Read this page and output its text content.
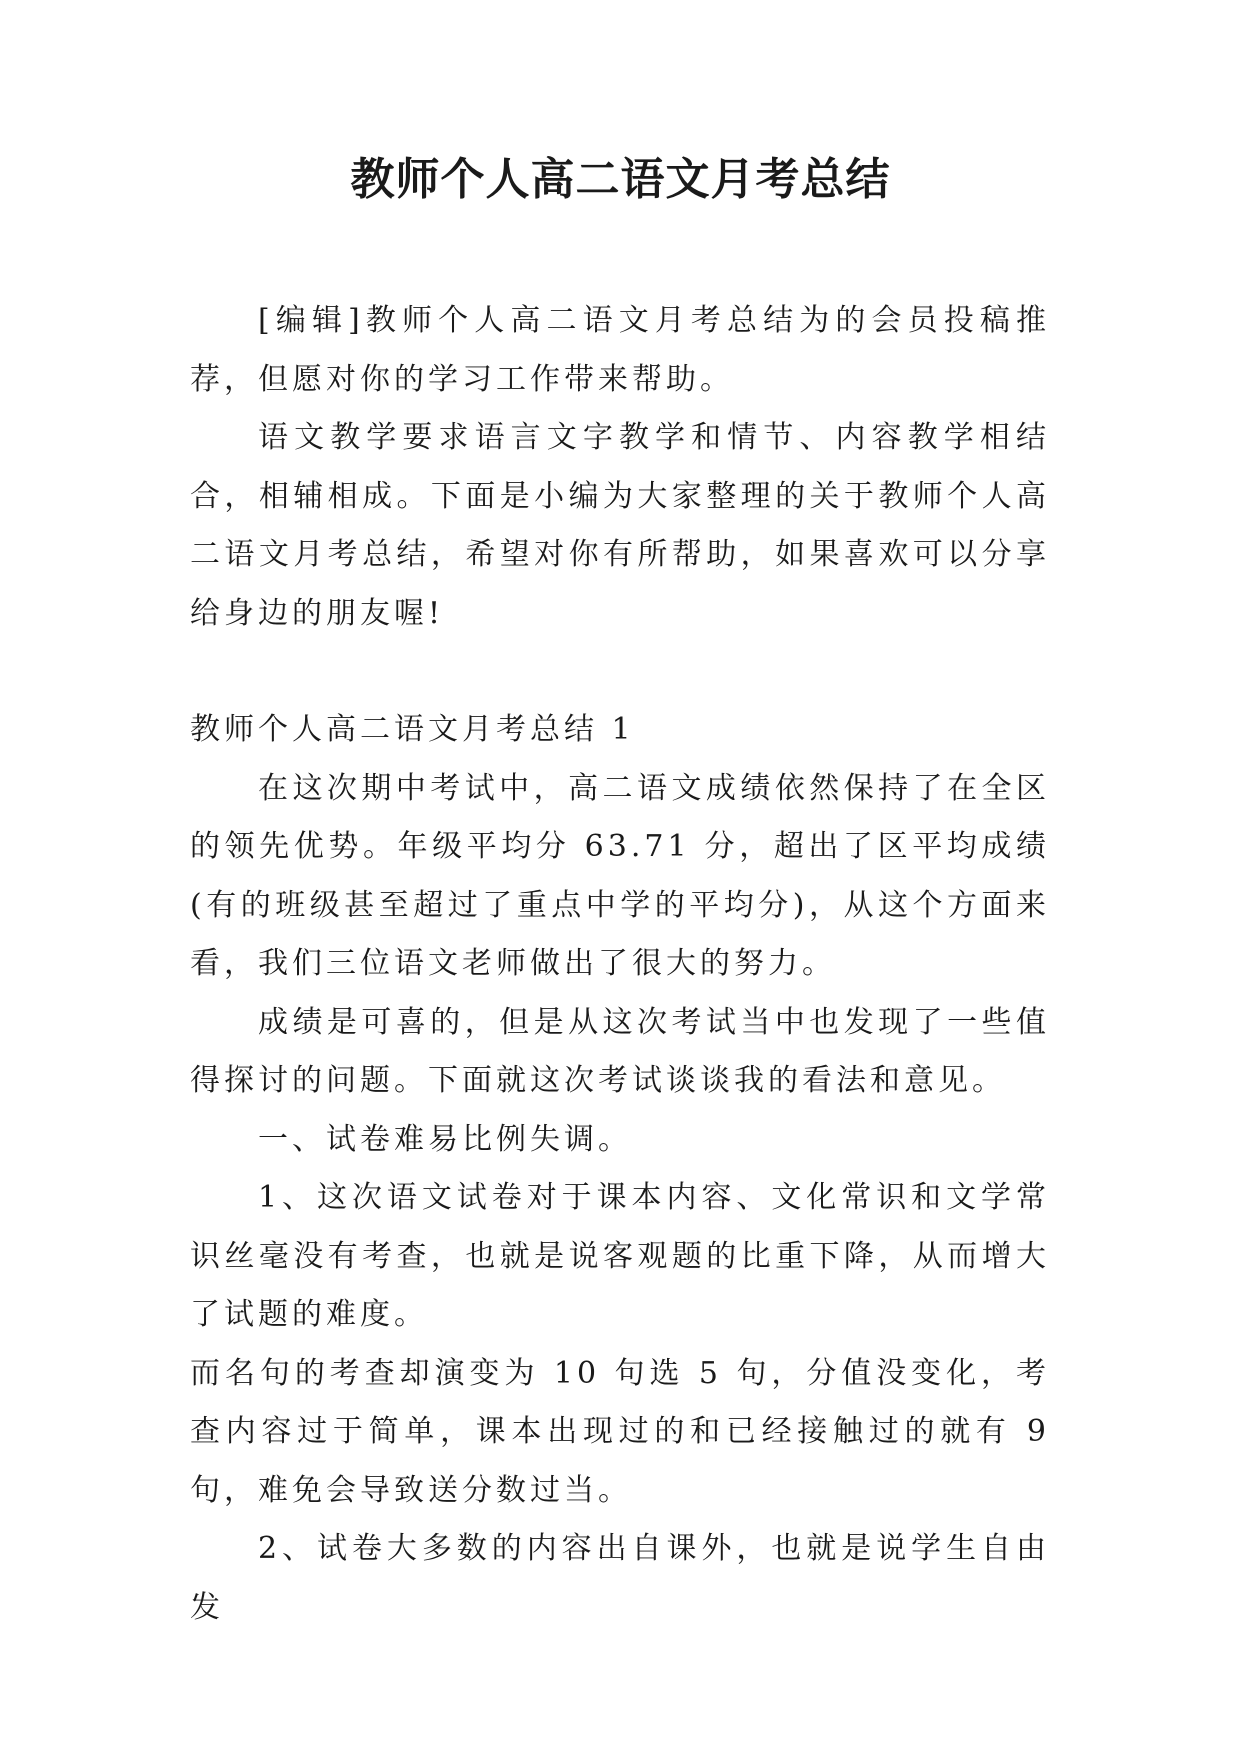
教师个人高二语文月考总结

[编辑]教师个人高二语文月考总结为的会员投稿推荐，但愿对你的学习工作带来帮助。

语文教学要求语言文字教学和情节、内容教学相结合，相辅相成。下面是小编为大家整理的关于教师个人高二语文月考总结，希望对你有所帮助，如果喜欢可以分享给身边的朋友喔!

教师个人高二语文月考总结 1

在这次期中考试中，高二语文成绩依然保持了在全区的领先优势。年级平均分 63.71 分，超出了区平均成绩(有的班级甚至超过了重点中学的平均分)，从这个方面来看，我们三位语文老师做出了很大的努力。

成绩是可喜的，但是从这次考试当中也发现了一些值得探讨的问题。下面就这次考试谈谈我的看法和意见。

一、试卷难易比例失调。

1、这次语文试卷对于课本内容、文化常识和文学常识丝毫没有考查，也就是说客观题的比重下降，从而增大了试题的难度。

而名句的考查却演变为 10 句选 5 句，分值没变化，考查内容过于简单，课本出现过的和已经接触过的就有 9 句，难免会导致送分数过当。

2、试卷大多数的内容出自课外，也就是说学生自由发
